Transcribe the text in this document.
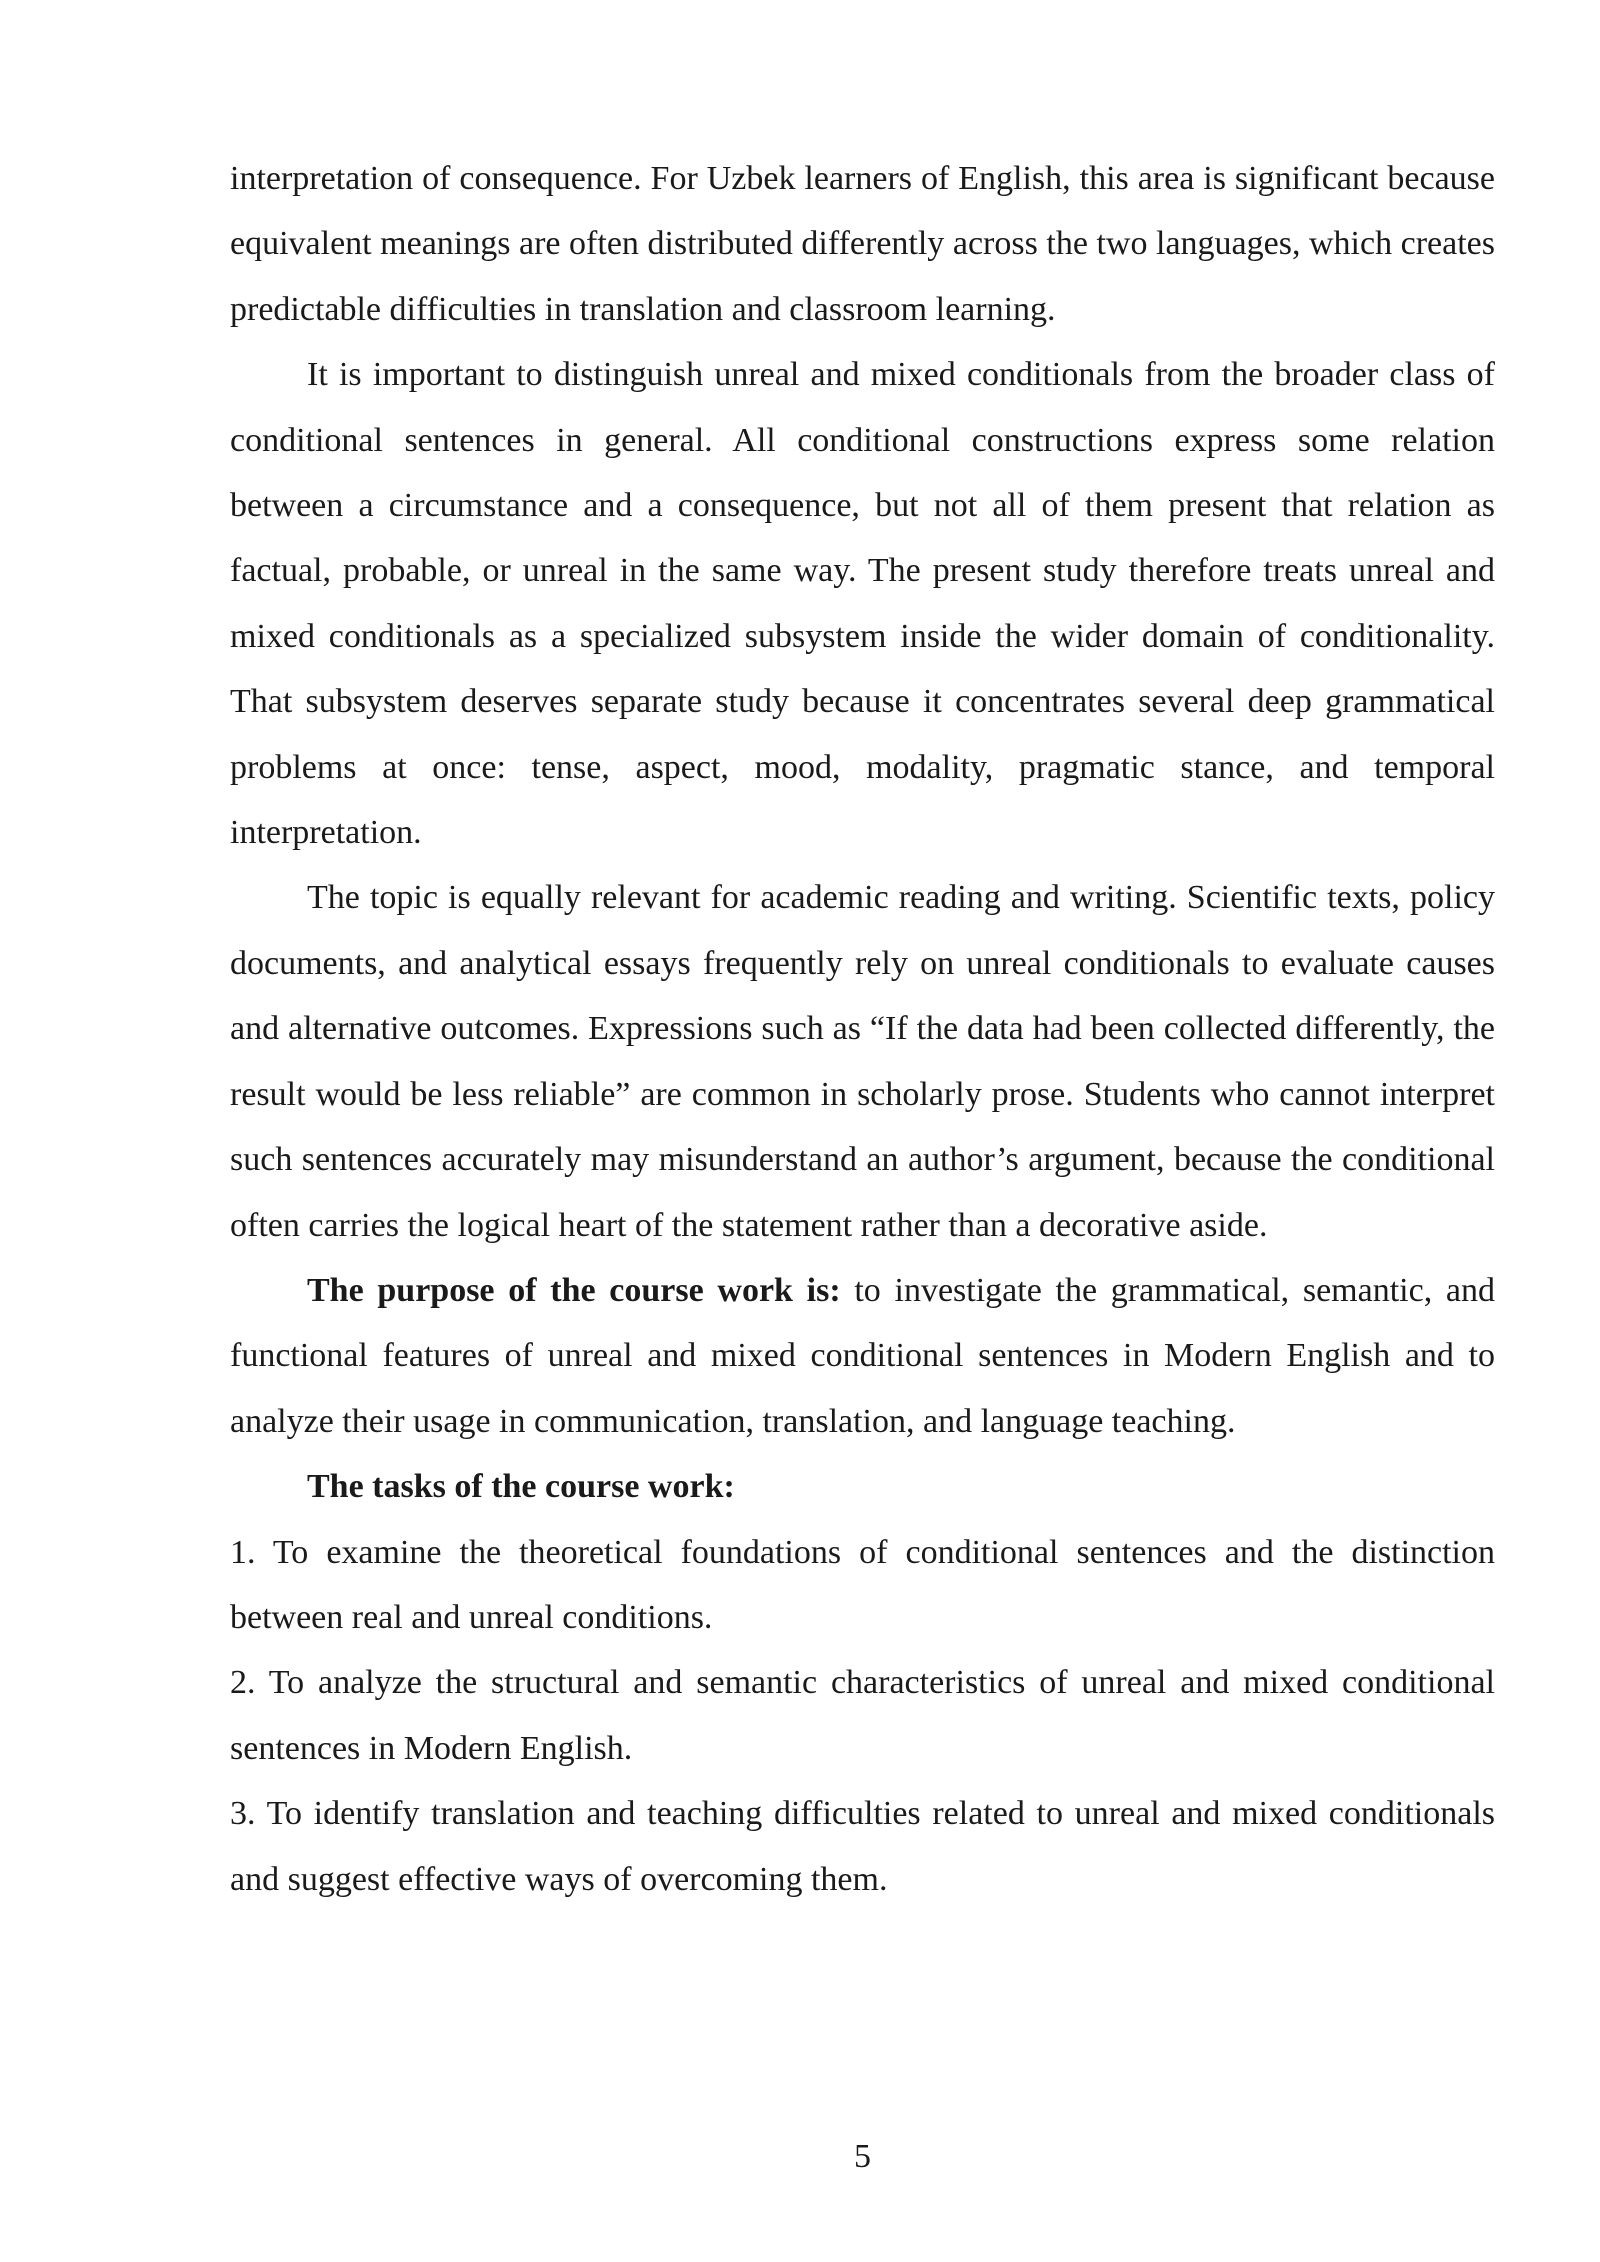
interpretation of consequence. For Uzbek learners of English, this area is significant because equivalent meanings are often distributed differently across the two languages, which creates predictable difficulties in translation and classroom learning.

It is important to distinguish unreal and mixed conditionals from the broader class of conditional sentences in general. All conditional constructions express some relation between a circumstance and a consequence, but not all of them present that relation as factual, probable, or unreal in the same way. The present study therefore treats unreal and mixed conditionals as a specialized subsystem inside the wider domain of conditionality. That subsystem deserves separate study because it concentrates several deep grammatical problems at once: tense, aspect, mood, modality, pragmatic stance, and temporal interpretation.

The topic is equally relevant for academic reading and writing. Scientific texts, policy documents, and analytical essays frequently rely on unreal conditionals to evaluate causes and alternative outcomes. Expressions such as “If the data had been collected differently, the result would be less reliable” are common in scholarly prose. Students who cannot interpret such sentences accurately may misunderstand an author’s argument, because the conditional often carries the logical heart of the statement rather than a decorative aside.

The purpose of the course work is: to investigate the grammatical, semantic, and functional features of unreal and mixed conditional sentences in Modern English and to analyze their usage in communication, translation, and language teaching.

The tasks of the course work:

1. To examine the theoretical foundations of conditional sentences and the distinction between real and unreal conditions.

2. To analyze the structural and semantic characteristics of unreal and mixed conditional sentences in Modern English.

3. To identify translation and teaching difficulties related to unreal and mixed conditionals and suggest effective ways of overcoming them.

5
